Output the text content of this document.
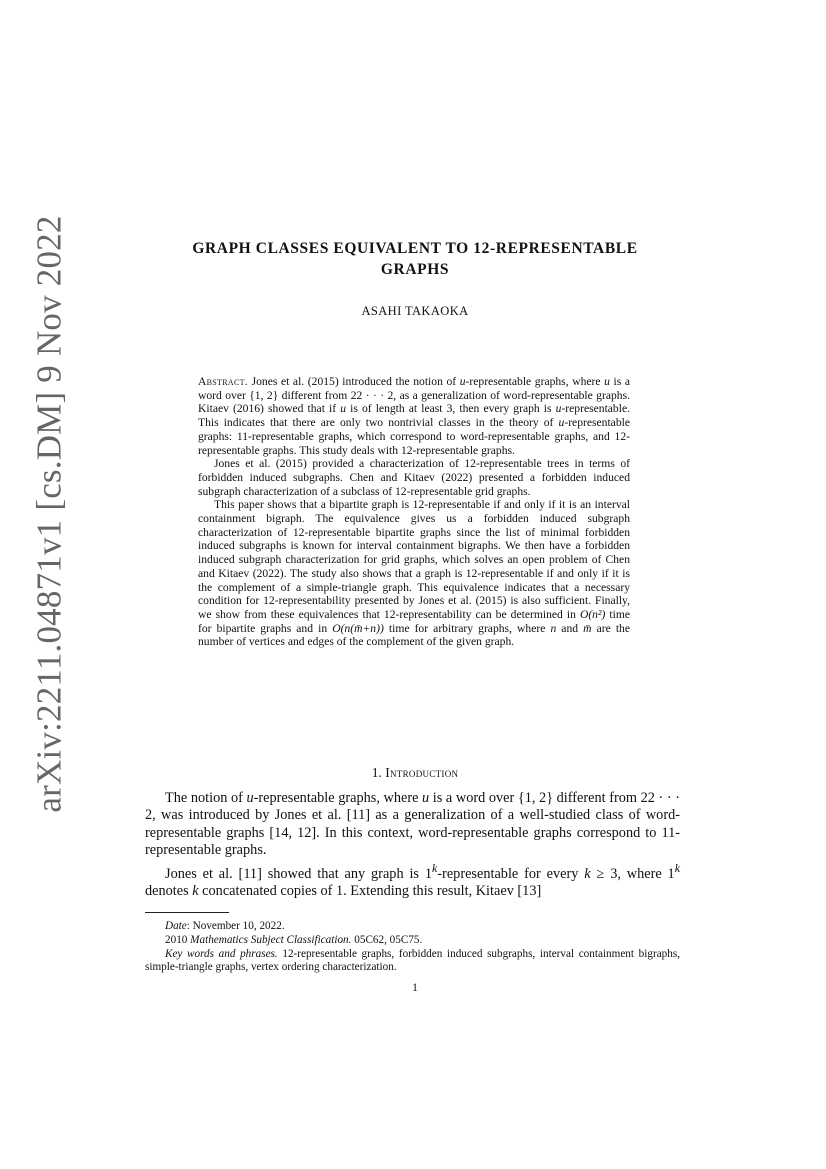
arXiv:2211.04871v1 [cs.DM] 9 Nov 2022	GRAPH CLASSES EQUIVALENT TO 12-REPRESENTABLE
GRAPHS
ASAHI TAKAOKA

Abstract. Jones et al. (2015) introduced the notion of u-representable graphs, where u is a word over {1, 2} different from 22 · · · 2, as a generalization of word-representable graphs. Kitaev (2016) showed that if u is of length at least 3, then every graph is u-representable. This indicates that there are only two nontrivial classes in the theory of u-representable graphs: 11-representable graphs, which correspond to word-representable graphs, and 12-representable graphs. This study deals with 12-representable graphs.

Jones et al. (2015) provided a characterization of 12-representable trees in terms of forbidden induced subgraphs. Chen and Kitaev (2022) presented a forbidden induced subgraph characterization of a subclass of 12-representable grid graphs.

This paper shows that a bipartite graph is 12-representable if and only if it is an interval containment bigraph. The equivalence gives us a forbidden induced subgraph characterization of 12-representable bipartite graphs since the list of minimal forbidden induced subgraphs is known for interval containment bigraphs. We then have a forbidden induced subgraph characterization for grid graphs, which solves an open problem of Chen and Kitaev (2022). The study also shows that a graph is 12-representable if and only if it is the complement of a simple-triangle graph. This equivalence indicates that a necessary condition for 12-representability presented by Jones et al. (2015) is also sufficient. Finally, we show from these equivalences that 12-representability can be determined in O(n²) time for bipartite graphs and in O(n(m̄+n)) time for arbitrary graphs, where n and m̄ are the number of vertices and edges of the complement of the given graph.

1. Introduction

The notion of u-representable graphs, where u is a word over {1, 2} different from 22 · · · 2, was introduced by Jones et al. [11] as a generalization of a well-studied class of word-representable graphs [14, 12]. In this context, word-representable graphs correspond to 11-representable graphs.

Jones et al. [11] showed that any graph is 1$^k$-representable for every k ≥ 3, where 1$^k$ denotes k concatenated copies of 1. Extending this result, Kitaev [13]

Date: November 10, 2022.

2010 Mathematics Subject Classification. 05C62, 05C75.

Key words and phrases. 12-representable graphs, forbidden induced subgraphs, interval containment bigraphs, simple-triangle graphs, vertex ordering characterization.

1
